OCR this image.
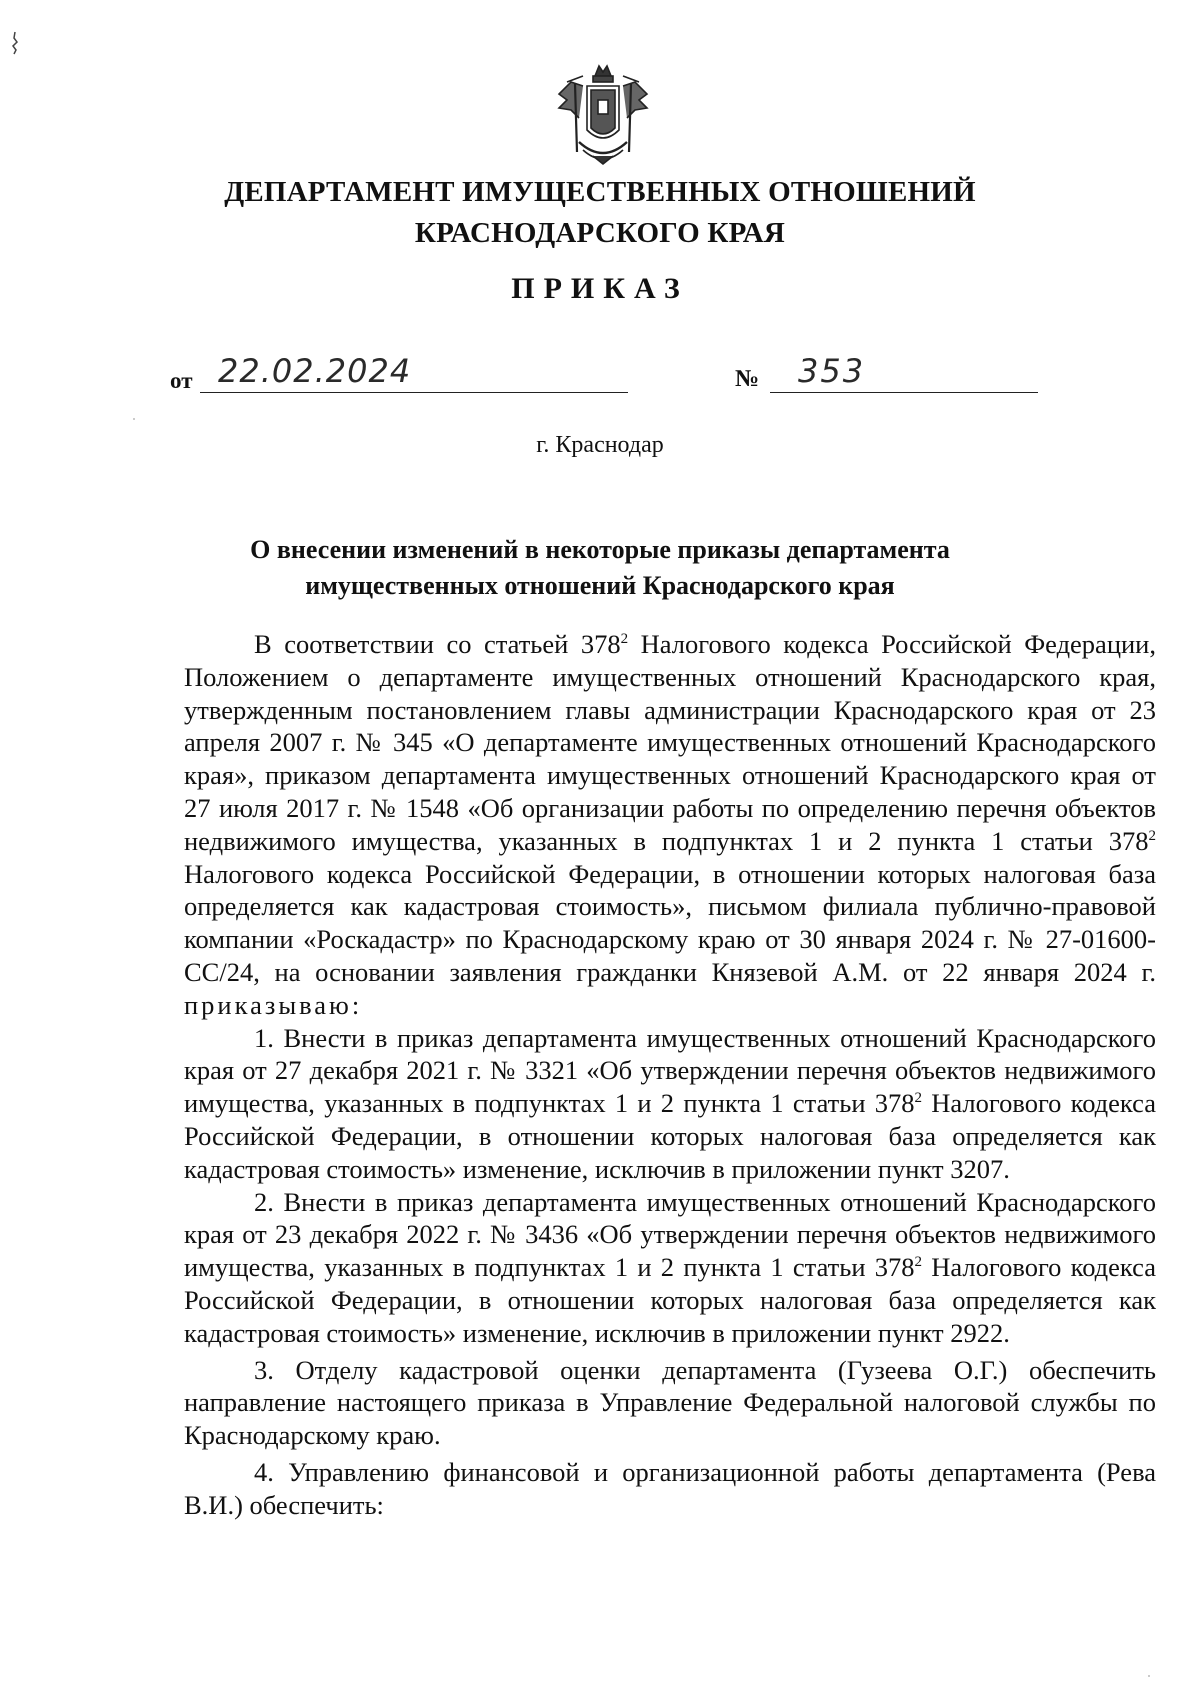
ДЕПАРТАМЕНТ ИМУЩЕСТВЕННЫХ ОТНОШЕНИЙ
КРАСНОДАРСКОГО КРАЯ
ПРИКАЗ
от 22.02.2024	№ 353
г. Краснодар
О внесении изменений в некоторые приказы департамента
имущественных отношений Краснодарского края

В соответствии со статьей $378^2$ Налогового кодекса Российской Федерации, Положением о департаменте имущественных отношений Краснодарского края, утвержденным постановлением главы администрации Краснодарского края от 23 апреля 2007 г. № 345 «О департаменте имущественных отношений Краснодарского края», приказом департамента имущественных отношений Краснодарского края от 27 июля 2017 г. № 1548 «Об организации работы по определению перечня объектов недвижимого имущества, указанных в подпунктах 1 и 2 пункта 1 статьи $378^2$ Налогового кодекса Российской Федерации, в отношении которых налоговая база определяется как кадастровая стоимость», письмом филиала публично-правовой компании «Роскадастр» по Краснодарскому краю от 30 января 2024 г. № 27-01600-СС/24, на основании заявления гражданки Князевой А.М. от 22 января 2024 г. приказываю:

1. Внести в приказ департамента имущественных отношений Краснодарского края от 27 декабря 2021 г. № 3321 «Об утверждении перечня объектов недвижимого имущества, указанных в подпунктах 1 и 2 пункта 1 статьи $378^2$ Налогового кодекса Российской Федерации, в отношении которых налоговая база определяется как кадастровая стоимость» изменение, исключив в приложении пункт 3207.

2. Внести в приказ департамента имущественных отношений Краснодарского края от 23 декабря 2022 г. № 3436 «Об утверждении перечня объектов недвижимого имущества, указанных в подпунктах 1 и 2 пункта 1 статьи $378^2$ Налогового кодекса Российской Федерации, в отношении которых налоговая база определяется как кадастровая стоимость» изменение, исключив в приложении пункт 2922.

3. Отделу кадастровой оценки департамента (Гузеева О.Г.) обеспечить направление настоящего приказа в Управление Федеральной налоговой службы по Краснодарскому краю.

4. Управлению финансовой и организационной работы департамента (Рева В.И.) обеспечить:
